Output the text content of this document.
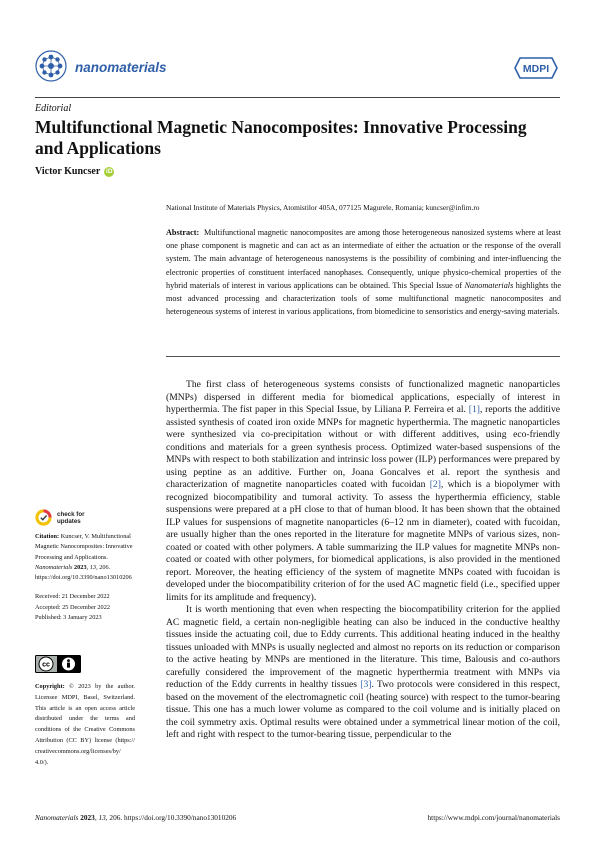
nanomaterials	MDPI
Editorial
Multifunctional Magnetic Nanocomposites: Innovative Processing and Applications
Victor Kuncser iD
National Institute of Materials Physics, Atomistilor 405A, 077125 Magurele, Romania; kuncser@infim.ro
Abstract: Multifunctional magnetic nanocomposites are among those heterogeneous nanosized systems where at least one phase component is magnetic and can act as an intermediate of either the actuation or the response of the overall system. The main advantage of heterogeneous nanosystems is the possibility of combining and inter-influencing the electronic properties of constituent interfaced nanophases. Consequently, unique physico-chemical properties of the hybrid materials of interest in various applications can be obtained. This Special Issue of Nanomaterials highlights the most advanced processing and characterization tools of some multifunctional magnetic nanocomposites and heterogeneous systems of interest in various applications, from biomedicine to sensoristics and energy-saving materials.

The first class of heterogeneous systems consists of functionalized magnetic nanoparticles (MNPs) dispersed in different media for biomedical applications, especially of interest in hyperthermia. The fist paper in this Special Issue, by Liliana P. Ferreira et al. [1], reports the additive assisted synthesis of coated iron oxide MNPs for magnetic hyperthermia. The magnetic nanoparticles were synthesized via co-precipitation without or with different additives, using eco-friendly conditions and materials for a green synthesis process. Optimized water-based suspensions of the MNPs with respect to both stabilization and intrinsic loss power (ILP) performances were prepared by using peptine as an additive. Further on, Joana Goncalves et al. report the synthesis and characterization of magnetite nanoparticles coated with fucoidan [2], which is a biopolymer with recognized biocompatibility and tumoral activity. To assess the hyperthermia efficiency, stable suspensions were prepared at a pH close to that of human blood. It has been shown that the obtained ILP values for suspensions of magnetite nanoparticles (6–12 nm in diameter), coated with fucoidan, are usually higher than the ones reported in the literature for magnetite MNPs of various sizes, non-coated or coated with other polymers. A table summarizing the ILP values for magnetite MNPs non-coated or coated with other polymers, for biomedical applications, is also provided in the mentioned report. Moreover, the heating efficiency of the system of magnetite MNPs coated with fucoidan is developed under the biocompatibility criterion of for the used AC magnetic field (i.e., specified upper limits for its amplitude and frequency).

It is worth mentioning that even when respecting the biocompatibility criterion for the applied AC magnetic field, a certain non-negligible heating can also be induced in the conductive healthy tissues inside the actuating coil, due to Eddy currents. This additional heating induced in the healthy tissues unloaded with MNPs is usually neglected and almost no reports on its reduction or comparison to the active heating by MNPs are mentioned in the literature. This time, Balousis and co-authors carefully considered the improvement of the magnetic hyperthermia treatment with MNPs via reduction of the Eddy currents in healthy tissues [3]. Two protocols were considered in this respect, based on the movement of the electromagnetic coil (heating source) with respect to the tumor-bearing tissue. This one has a much lower volume as compared to the coil volume and is initially placed on the coil symmetry axis. Optimal results were obtained under a symmetrical linear motion of the coil, left and right with respect to the tumor-bearing tissue, perpendicular to the

check for
updates
Citation: Kuncser, V. Multifunctional Magnetic Nanocomposites: Innovative Processing and Applications. Nanomaterials 2023, 13, 206. https://doi.org/10.3390/nano13010206
Received: 21 December 2022
Accepted: 25 December 2022
Published: 3 January 2023
cc
Copyright: © 2023 by the author. Licensee MDPI, Basel, Switzerland. This article is an open access article distributed under the terms and conditions of the Creative Commons Attribution (CC BY) license (https:// creativecommons.org/licenses/by/ 4.0/).
Nanomaterials 2023, 13, 206. https://doi.org/10.3390/nano13010206	https://www.mdpi.com/journal/nanomaterials
